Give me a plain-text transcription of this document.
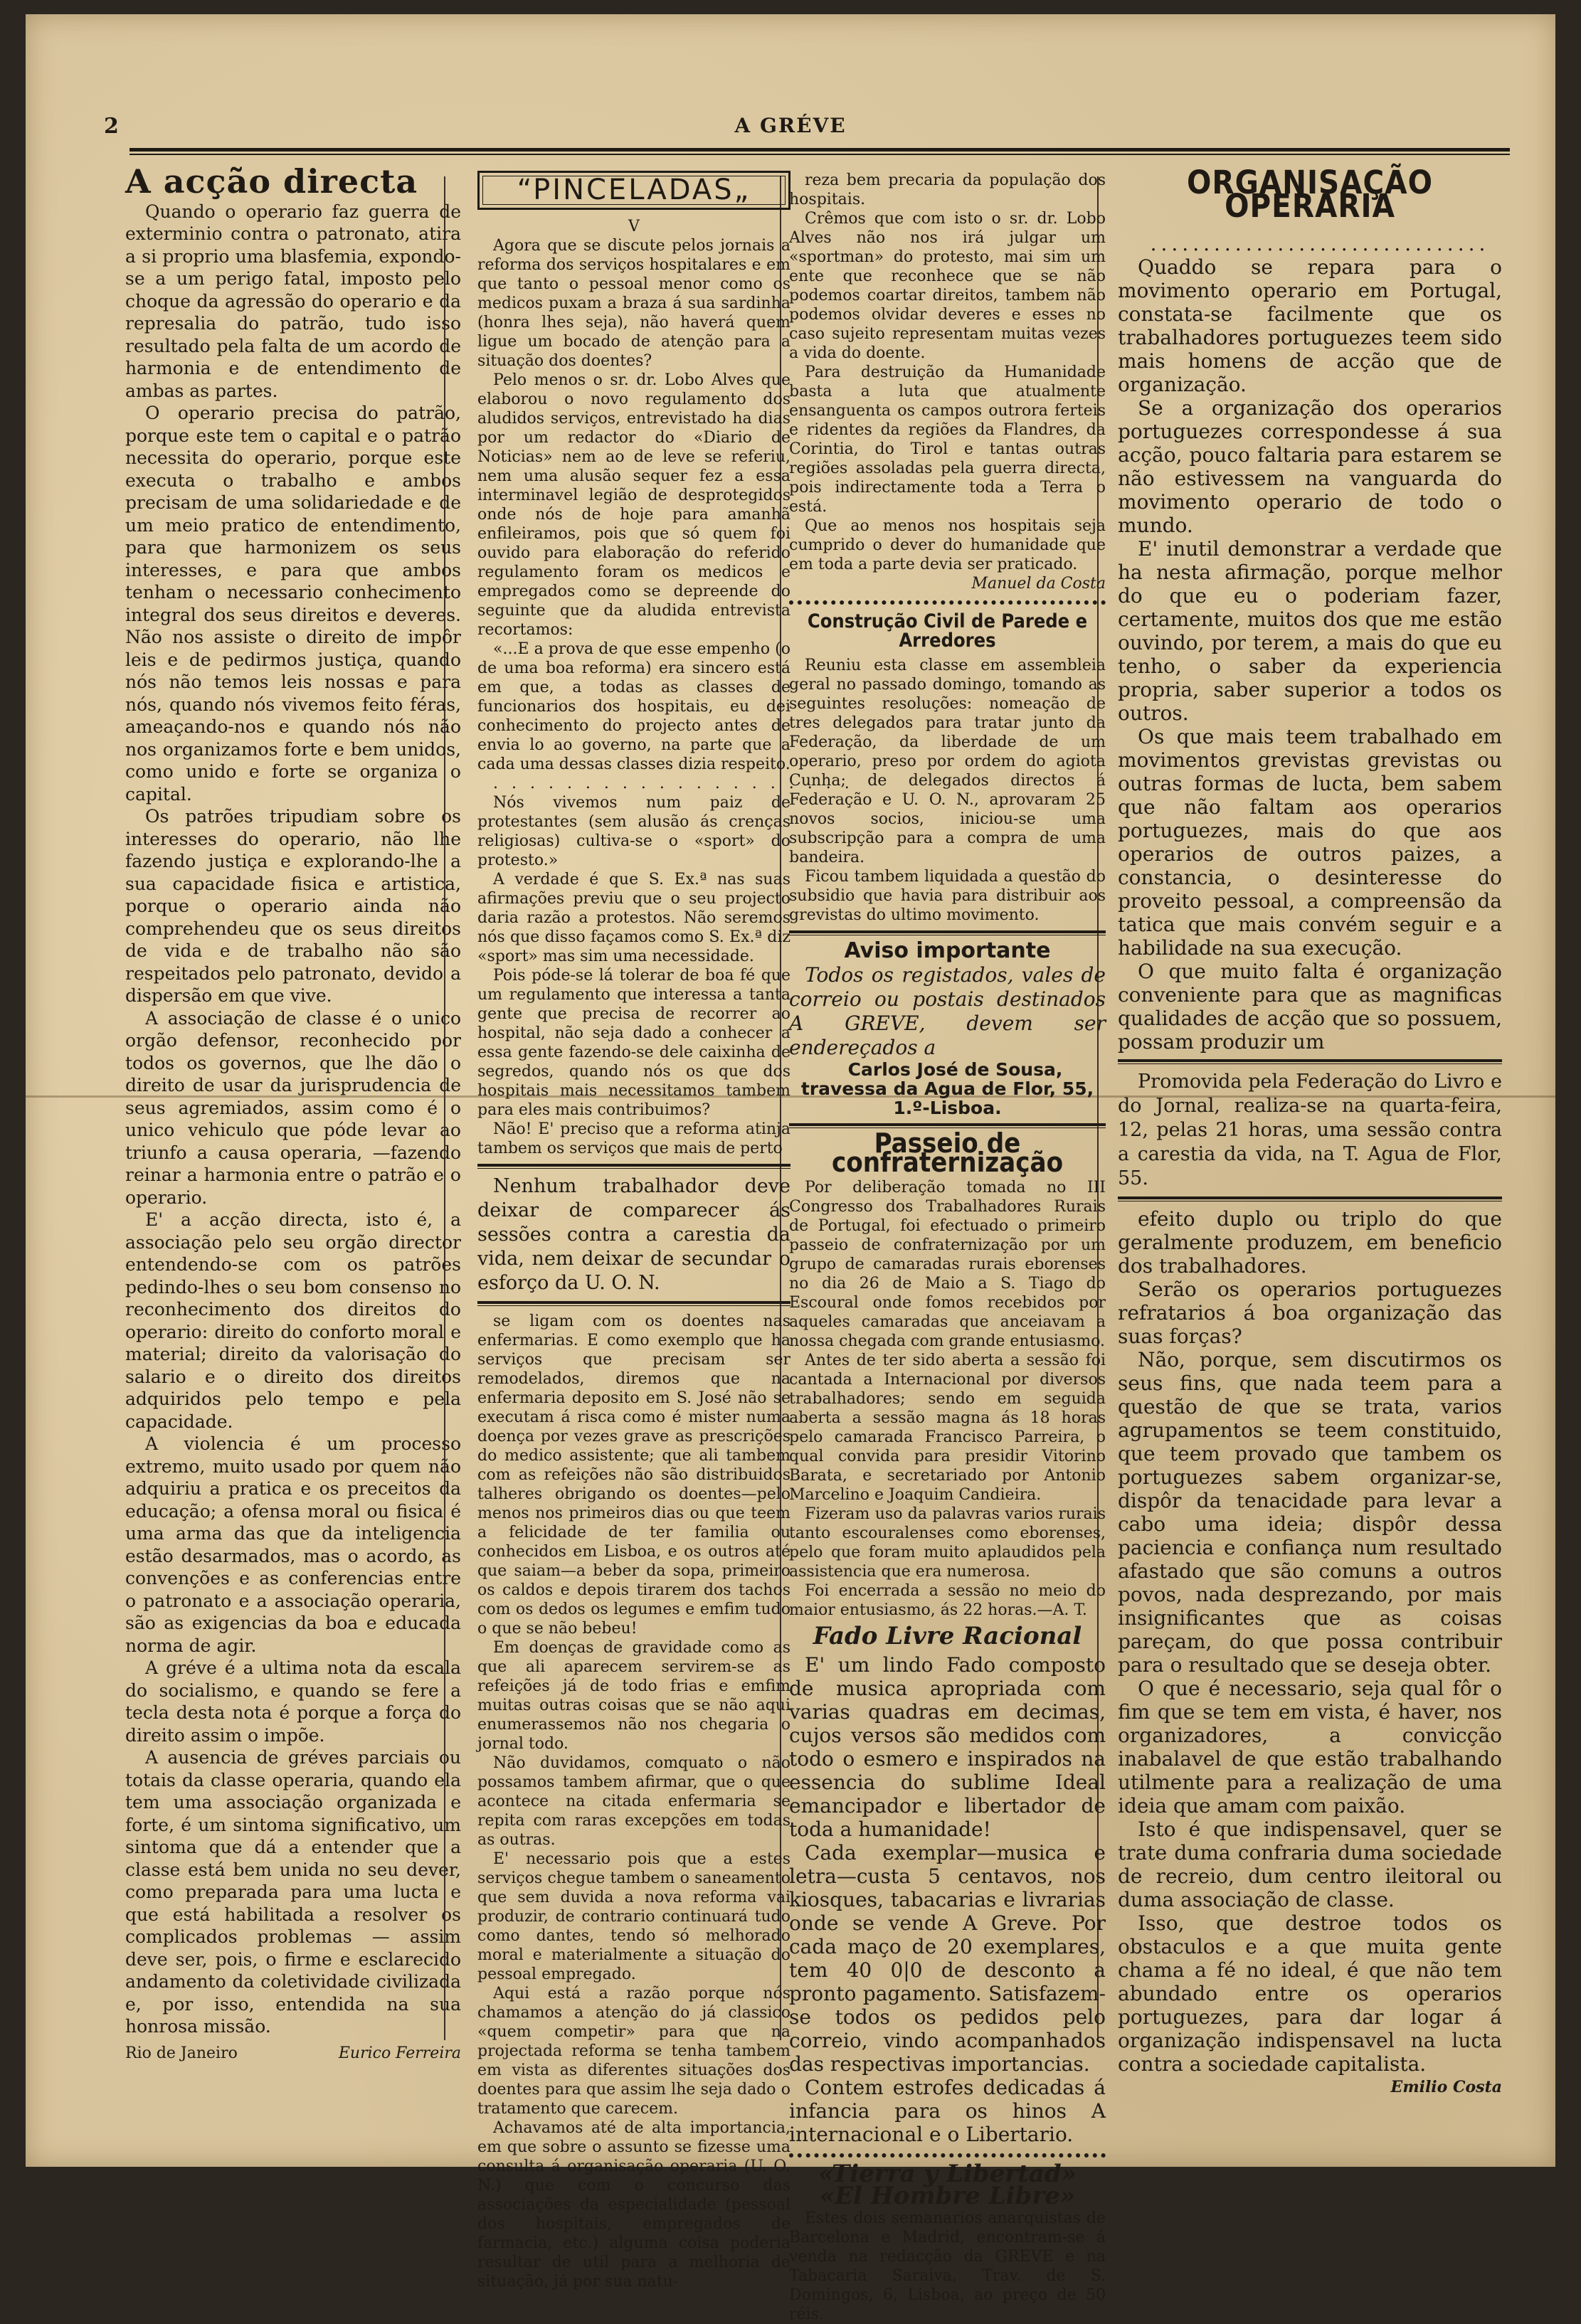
2	A GRÉVE
A acção directa

Quando o operario faz guerra de exterminio contra o patronato, atira a si proprio uma blasfemia, expondo-se a um perigo fatal, imposto pelo choque da agressão do operario e da represalia do patrão, tudo isso resultado pela falta de um acordo de harmonia e de entendimento de ambas as partes.

O operario precisa do patrão, porque este tem o capital e o patrão necessita do operario, porque este executa o trabalho e ambos precisam de uma solidariedade e de um meio pratico de entendimento, para que harmonizem os seus interesses, e para que ambos tenham o necessario conhecimento integral dos seus direitos e deveres. Não nos assiste o direito de impôr leis e de pedirmos justiça, quando nós não temos leis nossas e para nós, quando nós vivemos feito féras, ameaçando-nos e quando nós não nos organizamos forte e bem unidos, como unido e forte se organiza o capital.

Os patrões tripudiam sobre os interesses do operario, não lhe fazendo justiça e explorando-lhe a sua capacidade fisica e artistica, porque o operario ainda não comprehendeu que os seus direitos de vida e de trabalho não são respeitados pelo patronato, devido a dispersão em que vive.

A associação de classe é o unico orgão defensor, reconhecido por todos os governos, que lhe dão o direito de usar da jurisprudencia de seus agremiados, assim como é o unico vehiculo que póde levar ao triunfo a causa operaria, —fazendo reinar a harmonia entre o patrão e o operario.

E' a acção directa, isto é, a associação pelo seu orgão director entendendo-se com os patrões pedindo-lhes o seu bom consenso no reconhecimento dos direitos do operario: direito do conforto moral e material; direito da valorisação do salario e o direito dos direitos adquiridos pelo tempo e pela capacidade.

A violencia é um processo extremo, muito usado por quem não adquiriu a pratica e os preceitos da educação; a ofensa moral ou fisica é uma arma das que da inteligencia estão desarmados, mas o acordo, as convenções e as conferencias entre o patronato e a associação operaria, são as exigencias da boa e educada norma de agir.

A gréve é a ultima nota da escala do socialismo, e quando se fere a tecla desta nota é porque a força do direito assim o impõe.

A ausencia de gréves parciais ou totais da classe operaria, quando ela tem uma associação organizada e forte, é um sintoma significativo, um sintoma que dá a entender que a classe está bem unida no seu dever, como preparada para uma lucta e que está habilitada a resolver os complicados problemas — assim deve ser, pois, o firme e esclarecido andamento da coletividade civilizada e, por isso, entendida na sua honrosa missão.

Rio de Janeiro	Eurico Ferreira
“PINCELADAS„

V

Agora que se discute pelos jornais a reforma dos serviços hospitalares e em que tanto o pessoal menor como os medicos puxam a braza á sua sardinha (honra lhes seja), não haverá quem ligue um bocado de atenção para a situação dos doentes?

Pelo menos o sr. dr. Lobo Alves que elaborou o novo regulamento dos aludidos serviços, entrevistado ha dias por um redactor do «Diario de Noticias» nem ao de leve se referiu, nem uma alusão sequer fez a essa interminavel legião de desprotegidos onde nós de hoje para amanhã enfileiramos, pois que só quem foi ouvido para elaboração do referido regulamento foram os medicos e empregados como se depreende do seguinte que da aludida entrevista recortamos:

«...E a prova de que esse empenho (o de uma boa reforma) era sincero está em que, a todas as classes de funcionarios dos hospitais, eu dei conhecimento do projecto antes de envia lo ao governo, na parte que a cada uma dessas classes dizia respeito.

. . . . . . . . . . . . . . . . . . . .

Nós vivemos num paiz de protestantes (sem alusão ás crenças religiosas) cultiva-se o «sport» do protesto.»

A verdade é que S. Ex.ª nas suas afirmações previu que o seu projecto daria razão a protestos. Não seremos nós que disso façamos como S. Ex.ª diz «sport» mas sim uma necessidade.

Pois póde-se lá tolerar de boa fé que um regulamento que interessa a tanta gente que precisa de recorrer ao hospital, não seja dado a conhecer a essa gente fazendo-se dele caixinha de segredos, quando nós os que dos hospitais mais necessitamos tambem para eles mais contribuimos?

Não! E' preciso que a reforma atinja tambem os serviços que mais de perto

Nenhum trabalhador deve deixar de comparecer ás sessões contra a carestia da vida, nem deixar de secundar o esforço da U. O. N.

se ligam com os doentes nas enfermarias. E como exemplo que ha serviços que precisam ser remodelados, diremos que na enfermaria deposito em S. José não se executam á risca como é mister numa doença por vezes grave as prescrições do medico assistente; que ali tambem com as refeições não são distribuidos talheres obrigando os doentes—pelo menos nos primeiros dias ou que teem a felicidade de ter familia ou conhecidos em Lisboa, e os outros até que saiam—a beber da sopa, primeiro os caldos e depois tirarem dos tachos com os dedos os legumes e emfim tudo o que se não bebeu!

Em doenças de gravidade como as que ali aparecem servirem-se as refeições já de todo frias e emfim muitas outras coisas que se não aqui enumerassemos não nos chegaria o jornal todo.

Não duvidamos, comquato o não possamos tambem afirmar, que o que acontece na citada enfermaria se repita com raras excepções em todas as outras.

E' necessario pois que a estes serviços chegue tambem o saneamento que sem duvida a nova reforma vai produzir, de contrario continuará tudo como dantes, tendo só melhorado moral e materialmente a situação do pessoal empregado.

Aqui está a razão porque nós chamamos a atenção do já classico «quem competir» para que na projectada reforma se tenha tambem em vista as diferentes situações dos doentes para que assim lhe seja dado o tratamento que carecem.

Achavamos até de alta importancia, em que sobre o assunto se fizesse uma consulta á organisação operaria (U. O. N.) que com o concurso das associações da especialidade (pessoal dos hospitais, empregados de farmacia, etc.) alguma coisa poderia resultar de util para a melhoria de situação, já por sua natu-

reza bem precaria da população dos hospitais.

Crêmos que com isto o sr. dr. Lobo Alves não nos irá julgar um «sportman» do protesto, mai sim um ente que reconhece que se não podemos coartar direitos, tambem não podemos olvidar deveres e esses no caso sujeito representam muitas vezes a vida do doente.

Para destruição da Humanidade basta a luta que atualmente ensanguenta os campos outrora ferteis e ridentes da regiões da Flandres, da Corintia, do Tirol e tantas outras regiões assoladas pela guerra directa, pois indirectamente toda a Terra o está.

Que ao menos nos hospitais seja cumprido o dever do humanidade que em toda a parte devia ser praticado.

Manuel da Costa

Construção Civil de Parede e Arredores

Reuniu esta classe em assembleia geral no passado domingo, tomando as seguintes resoluções: nomeação de tres delegados para tratar junto da Federação, da liberdade de um operario, preso por ordem do agiota Cunha; de delegados directos á Federação e U. O. N., aprovaram 25 novos socios, iniciou-se uma subscripção para a compra de uma bandeira.

Ficou tambem liquidada a questão do subsidio que havia para distribuir aos grevistas do ultimo movimento.

Aviso importante

Todos os registados, vales de correio ou postais destinados A GREVE, devem ser endereçados a

Carlos José de Sousa, travessa da Agua de Flor, 55, 1.º-Lisboa.

Passeio de confraternização

Por deliberação tomada no III Congresso dos Trabalhadores Rurais de Portugal, foi efectuado o primeiro passeio de confraternização por um grupo de camaradas rurais eborenses no dia 26 de Maio a S. Tiago do Escoural onde fomos recebidos por aqueles camaradas que anceiavam a nossa chegada com grande entusiasmo.

Antes de ter sido aberta a sessão foi cantada a Internacional por diversos trabalhadores; sendo em seguida aberta a sessão magna ás 18 horas pelo camarada Francisco Parreira, o qual convida para presidir Vitorino Barata, e secretariado por Antonio Marcelino e Joaquim Candieira.

Fizeram uso da palavras varios rurais tanto escouralenses como eborenses, pelo que foram muito aplaudidos pela assistencia que era numerosa.

Foi encerrada a sessão no meio do maior entusiasmo, ás 22 horas.—A. T.

Fado Livre Racional

E' um lindo Fado composto de musica apropriada com varias quadras em decimas, cujos versos são medidos com todo o esmero e inspirados na essencia do sublime Ideal emancipador e libertador de toda a humanidade!

Cada exemplar—musica e letra—custa 5 centavos, nos kiosques, tabacarias e livrarias onde se vende A Greve. Por cada maço de 20 exemplares, tem 40 0|0 de desconto a pronto pagamento. Satisfazem-se todos os pedidos pelo correio, vindo acompanhados das respectivas importancias.

Contem estrofes dedicadas á infancia para os hinos A internacional e o Libertario.

«Tierra y Libertad»
«El Hombre Libre»

Estes dois semanarios anarquistas de Barcelona e Madrid, encontram-se á venda na redacção da GREVE e na Tabacaria Saraiva, Trav. de S. Domingos, 6, Lisboa, ao preço de 50 réis.

ORGANISAÇÃO OPERARIA

................................

Quaddo se repara para o movimento operario em Portugal, constata-se facilmente que os trabalhadores portuguezes teem sido mais homens de acção que de organização.

Se a organização dos operarios portuguezes correspondesse á sua acção, pouco faltaria para estarem se não estivessem na vanguarda do movimento operario de todo o mundo.

E' inutil demonstrar a verdade que ha nesta afirmação, porque melhor do que eu o poderiam fazer, certamente, muitos dos que me estão ouvindo, por terem, a mais do que eu tenho, o saber da experiencia propria, saber superior a todos os outros.

Os que mais teem trabalhado em movimentos grevistas grevistas ou outras formas de lucta, bem sabem que não faltam aos operarios portuguezes, mais do que aos operarios de outros paizes, a constancia, o desinteresse do proveito pessoal, a compreensão da tatica que mais convém seguir e a habilidade na sua execução.

O que muito falta é organização conveniente para que as magnificas qualidades de acção que so possuem, possam produzir um

Promovida pela Federação do Livro e do Jornal, realiza-se na quarta-feira, 12, pelas 21 horas, uma sessão contra a carestia da vida, na T. Agua de Flor, 55.

efeito duplo ou triplo do que geralmente produzem, em beneficio dos trabalhadores.

Serão os operarios portuguezes refratarios á boa organização das suas forças?

Não, porque, sem discutirmos os seus fins, que nada teem para a questão de que se trata, varios agrupamentos se teem constituido, que teem provado que tambem os portuguezes sabem organizar-se, dispôr da tenacidade para levar a cabo uma ideia; dispôr dessa paciencia e confiança num resultado afastado que são comuns a outros povos, nada desprezando, por mais insignificantes que as coisas pareçam, do que possa contribuir para o resultado que se deseja obter.

O que é necessario, seja qual fôr o fim que se tem em vista, é haver, nos organizadores, a convicção inabalavel de que estão trabalhando utilmente para a realização de uma ideia que amam com paixão.

Isto é que indispensavel, quer se trate duma confraria duma sociedade de recreio, dum centro ileitoral ou duma associação de classe.

Isso, que destroe todos os obstaculos e a que muita gente chama a fé no ideal, é que não tem abundado entre os operarios portuguezes, para dar logar á organização indispensavel na lucta contra a sociedade capitalista.

Emilio Costa
